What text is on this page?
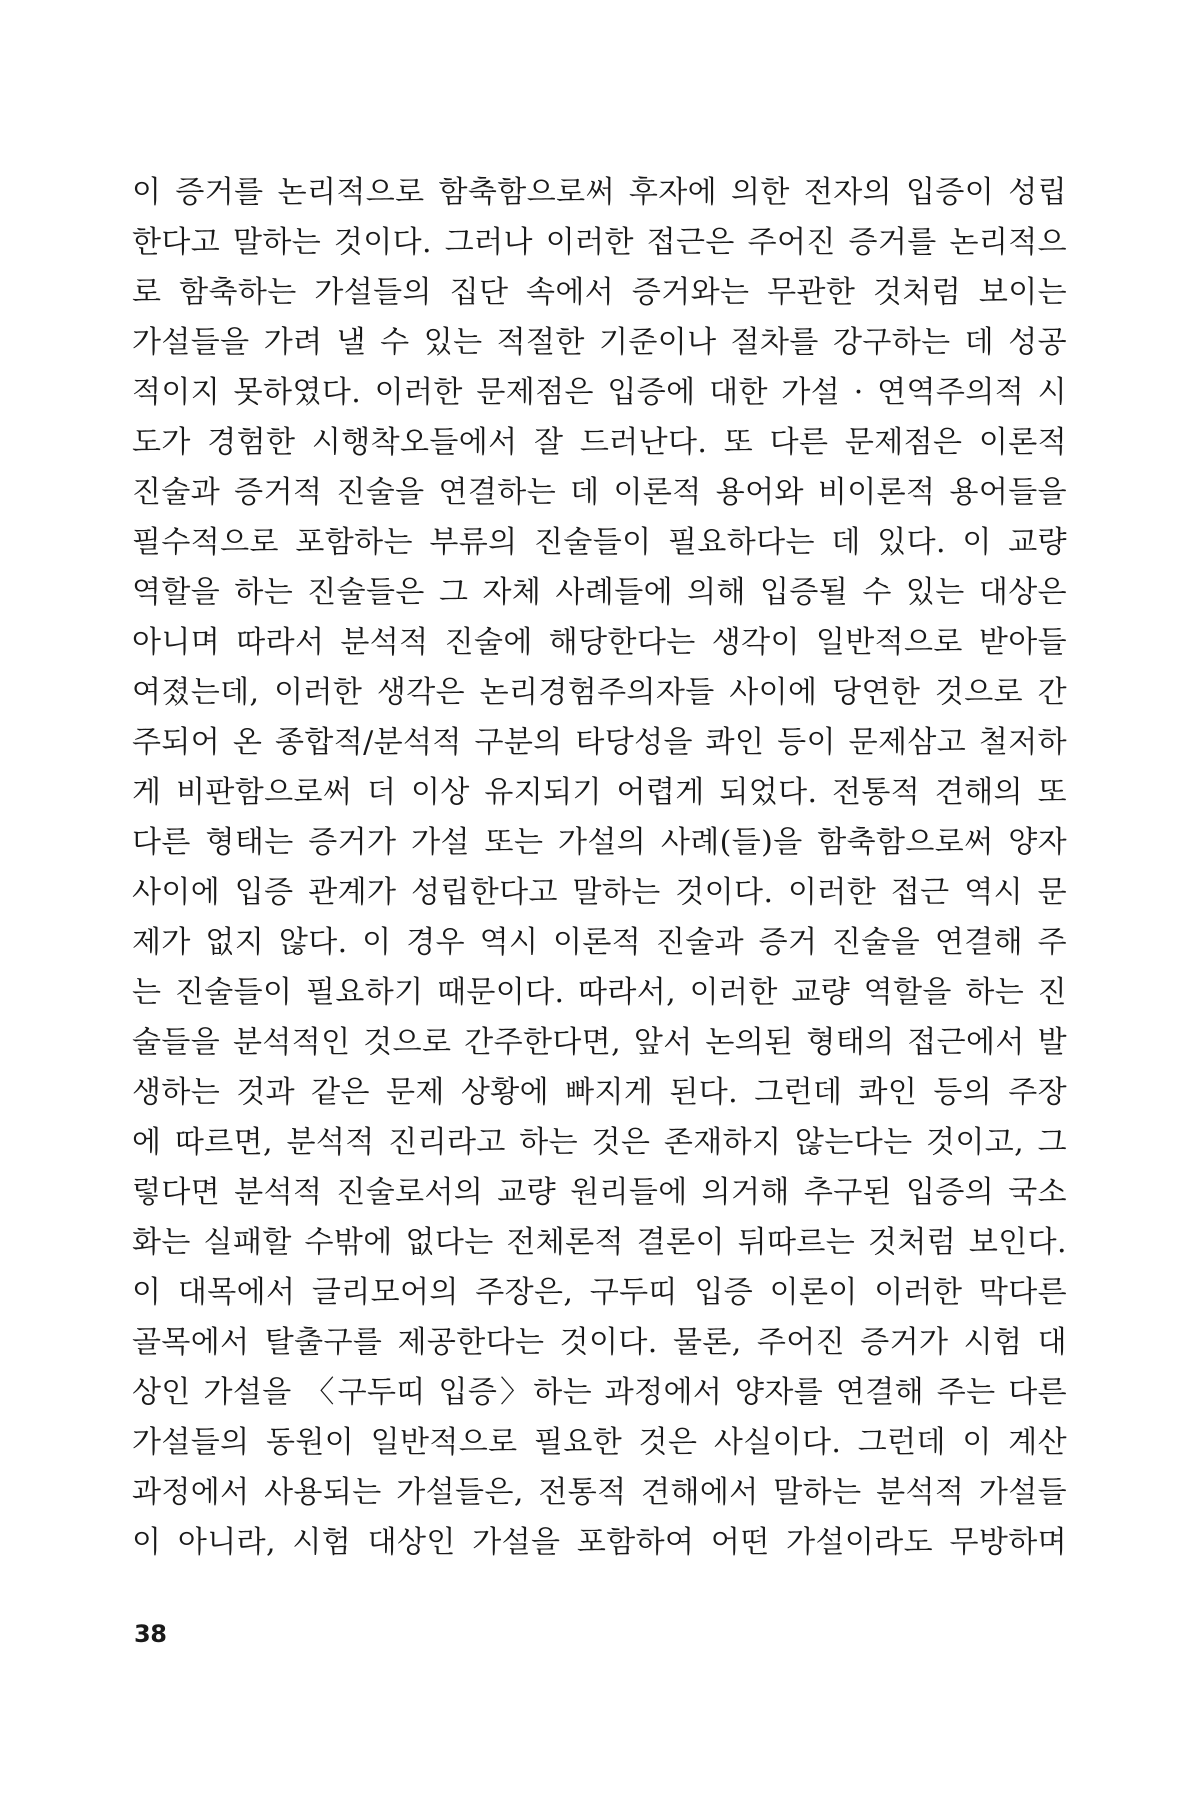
이 증거를 논리적으로 함축함으로써 후자에 의한 전자의 입증이 성립
한다고 말하는 것이다. 그러나 이러한 접근은 주어진 증거를 논리적으
로 함축하는 가설들의 집단 속에서 증거와는 무관한 것처럼 보이는
가설들을 가려 낼 수 있는 적절한 기준이나 절차를 강구하는 데 성공
적이지 못하였다. 이러한 문제점은 입증에 대한 가설 · 연역주의적 시
도가 경험한 시행착오들에서 잘 드러난다. 또 다른 문제점은 이론적
진술과 증거적 진술을 연결하는 데 이론적 용어와 비이론적 용어들을
필수적으로 포함하는 부류의 진술들이 필요하다는 데 있다. 이 교량
역할을 하는 진술들은 그 자체 사례들에 의해 입증될 수 있는 대상은
아니며 따라서 분석적 진술에 해당한다는 생각이 일반적으로 받아들
여졌는데, 이러한 생각은 논리경험주의자들 사이에 당연한 것으로 간
주되어 온 종합적/분석적 구분의 타당성을 콰인 등이 문제삼고 철저하
게 비판함으로써 더 이상 유지되기 어렵게 되었다. 전통적 견해의 또
다른 형태는 증거가 가설 또는 가설의 사례(들)을 함축함으로써 양자
사이에 입증 관계가 성립한다고 말하는 것이다. 이러한 접근 역시 문
제가 없지 않다. 이 경우 역시 이론적 진술과 증거 진술을 연결해 주
는 진술들이 필요하기 때문이다. 따라서, 이러한 교량 역할을 하는 진
술들을 분석적인 것으로 간주한다면, 앞서 논의된 형태의 접근에서 발
생하는 것과 같은 문제 상황에 빠지게 된다. 그런데 콰인 등의 주장
에 따르면, 분석적 진리라고 하는 것은 존재하지 않는다는 것이고, 그
렇다면 분석적 진술로서의 교량 원리들에 의거해 추구된 입증의 국소
화는 실패할 수밖에 없다는 전체론적 결론이 뒤따르는 것처럼 보인다.
이 대목에서 글리모어의 주장은, 구두띠 입증 이론이 이러한 막다른
골목에서 탈출구를 제공한다는 것이다. 물론, 주어진 증거가 시험 대
상인 가설을 〈구두띠 입증〉하는 과정에서 양자를 연결해 주는 다른
가설들의 동원이 일반적으로 필요한 것은 사실이다. 그런데 이 계산
과정에서 사용되는 가설들은, 전통적 견해에서 말하는 분석적 가설들
이 아니라, 시험 대상인 가설을 포함하여 어떤 가설이라도 무방하며
38
